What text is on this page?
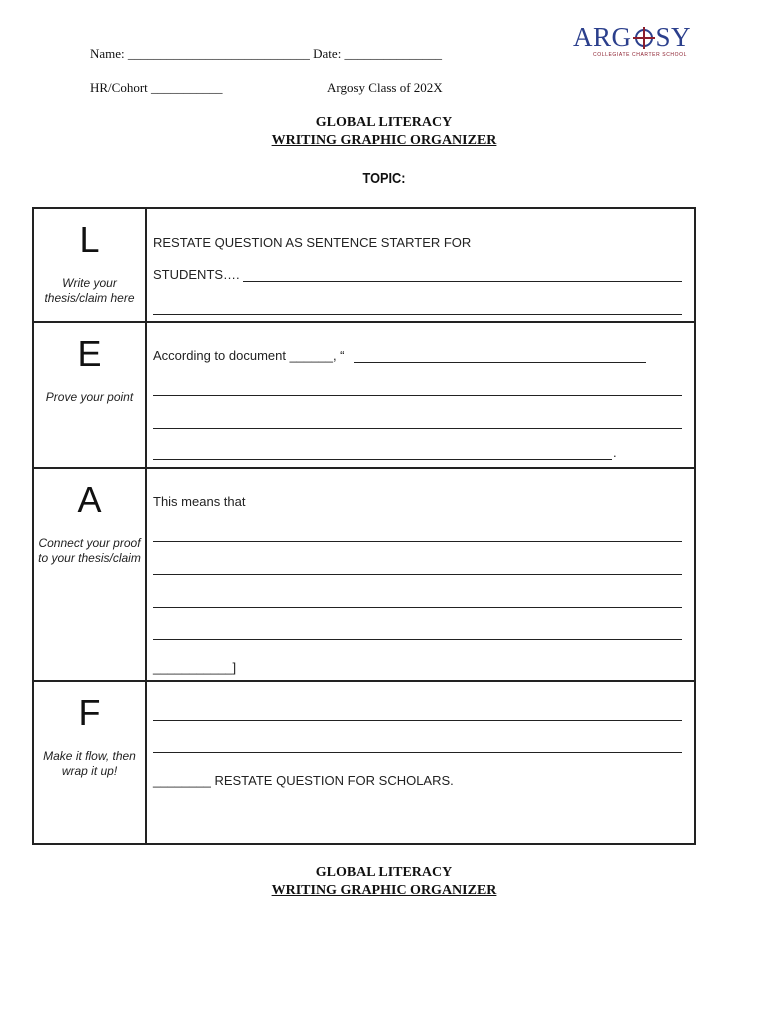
Name: ____________________________ Date: _______________
HR/Cohort ___________	Argosy Class of 202X
ARG SY
COLLEGIATE CHARTER SCHOOL
GLOBAL LITERACY
WRITING GRAPHIC ORGANIZER
TOPIC:
L
Write your thesis/claim here
RESTATE QUESTION AS SENTENCE STARTER FOR
STUDENTS….
E
Prove your point
According to document ______, “
.
A
Connect your proof to your thesis/claim
This means that
___________]
F
Make it flow, then wrap it up!
________ RESTATE QUESTION FOR SCHOLARS.
GLOBAL LITERACY
WRITING GRAPHIC ORGANIZER
